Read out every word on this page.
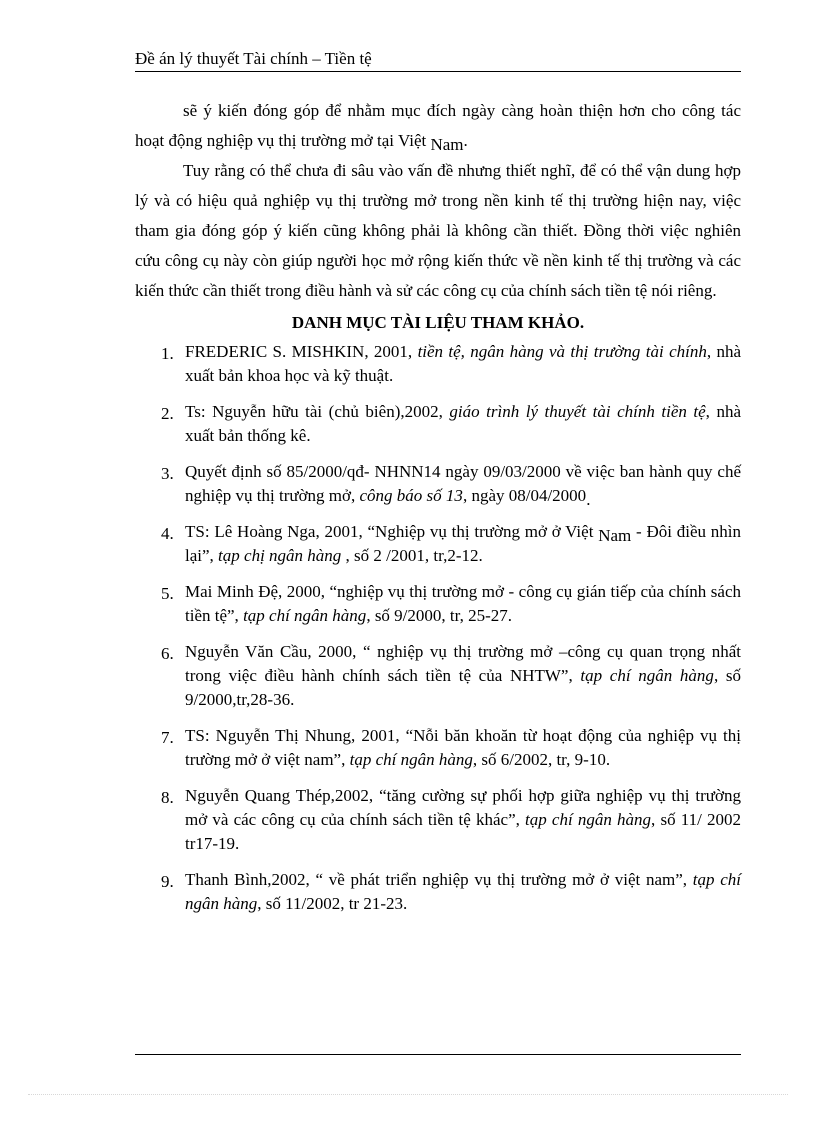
Đề án lý thuyết Tài chính – Tiền tệ

sẽ ý kiến đóng góp để nhằm mục đích ngày càng hoàn thiện hơn cho công tác hoạt động nghiệp vụ thị trường mở tại Việt Nam.

Tuy rằng có thể chưa đi sâu vào vấn đề nhưng thiết nghĩ, để có thể vận dung hợp lý và có hiệu quả nghiệp vụ thị trường mở trong nền kinh tế thị trường hiện nay, việc tham gia đóng góp ý kiến cũng không phải là không cần thiết. Đồng thời việc nghiên cứu công cụ này còn giúp người học mở rộng kiến thức về nền kinh tế thị trường và các kiến thức cần thiết trong điều hành và sử các công cụ của chính sách tiền tệ nói riêng.

DANH MỤC TÀI LIỆU THAM KHẢO.
1. FREDERIC S. MISHKIN, 2001, tiền tệ, ngân hàng và thị trường tài chính, nhà xuất bản khoa học và kỹ thuật.
2. Ts: Nguyễn hữu tài (chủ biên),2002, giáo trình lý thuyết tài chính tiền tệ, nhà xuất bản thống kê.
3. Quyết định số 85/2000/qđ- NHNN14 ngày 09/03/2000 về việc ban hành quy chế nghiệp vụ thị trường mở, công báo số 13, ngày 08/04/2000.
4. TS: Lê Hoàng Nga, 2001, “Nghiệp vụ thị trường mở ở Việt Nam - Đôi điều nhìn lại”, tạp chị ngân hàng , số 2 /2001, tr,2-12.
5. Mai Minh Đệ, 2000, “nghiệp vụ thị trường mở - công cụ gián tiếp của chính sách tiền tệ”, tạp chí ngân hàng, số 9/2000, tr, 25-27.
6. Nguyễn Văn Cầu, 2000, “ nghiệp vụ thị trường mở –công cụ quan trọng nhất trong việc điều hành chính sách tiền tệ của NHTW”, tạp chí ngân hàng, số 9/2000,tr,28-36.
7. TS: Nguyễn Thị Nhung, 2001, “Nỗi băn khoăn từ hoạt động của nghiệp vụ thị trường mở ở việt nam”, tạp chí ngân hàng, số 6/2002, tr, 9-10.
8. Nguyễn Quang Thép,2002, “tăng cường sự phối hợp giữa nghiệp vụ thị trường mở và các công cụ của chính sách tiền tệ khác”, tạp chí ngân hàng, số 11/ 2002 tr17-19.
9. Thanh Bình,2002, “ về phát triển nghiệp vụ thị trường mở ở việt nam”, tạp chí ngân hàng, số 11/2002, tr 21-23.
